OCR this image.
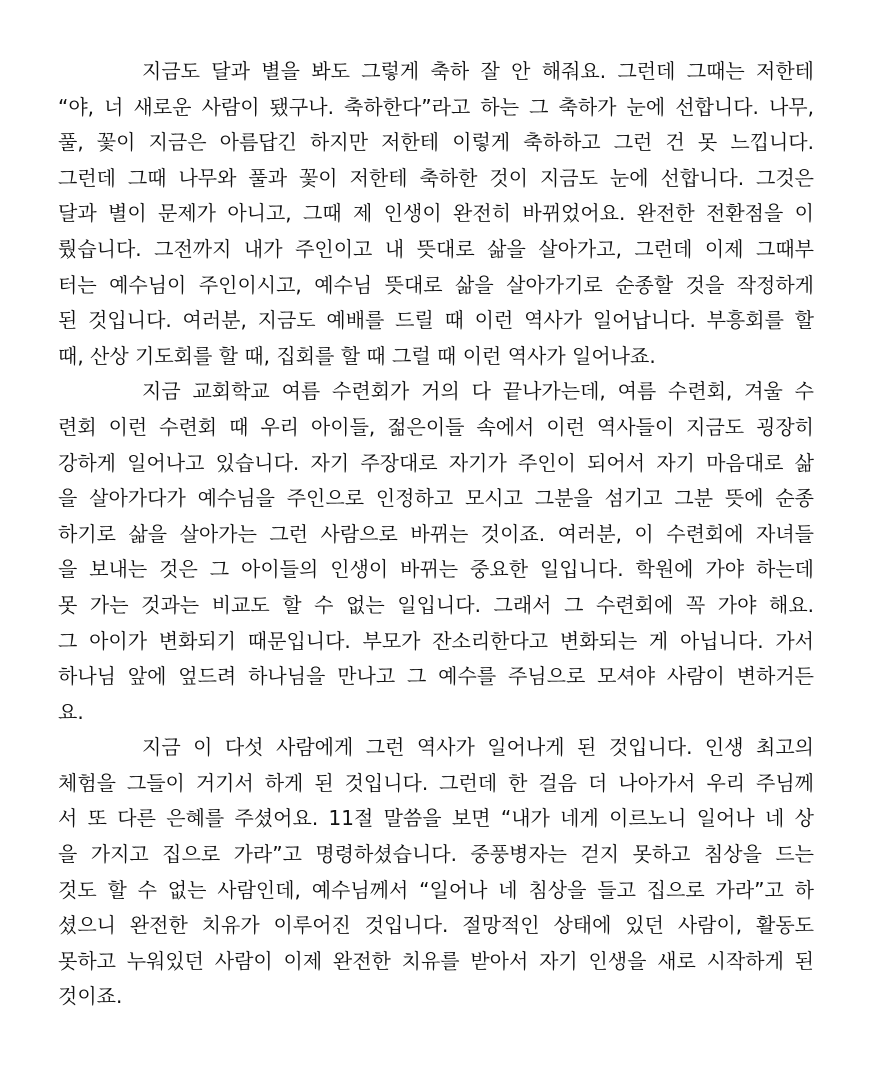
지금도 달과 별을 봐도 그렇게 축하 잘 안 해줘요. 그런데 그때는 저한테
“야, 너 새로운 사람이 됐구나. 축하한다”라고 하는 그 축하가 눈에 선합니다. 나무,
풀, 꽃이 지금은 아름답긴 하지만 저한테 이렇게 축하하고 그런 건 못 느낍니다.
그런데 그때 나무와 풀과 꽃이 저한테 축하한 것이 지금도 눈에 선합니다. 그것은
달과 별이 문제가 아니고, 그때 제 인생이 완전히 바뀌었어요. 완전한 전환점을 이
뤘습니다. 그전까지 내가 주인이고 내 뜻대로 삶을 살아가고, 그런데 이제 그때부
터는 예수님이 주인이시고, 예수님 뜻대로 삶을 살아가기로 순종할 것을 작정하게
된 것입니다. 여러분, 지금도 예배를 드릴 때 이런 역사가 일어납니다. 부흥회를 할
때, 산상 기도회를 할 때, 집회를 할 때 그럴 때 이런 역사가 일어나죠.
지금 교회학교 여름 수련회가 거의 다 끝나가는데, 여름 수련회, 겨울 수
련회 이런 수련회 때 우리 아이들, 젊은이들 속에서 이런 역사들이 지금도 굉장히
강하게 일어나고 있습니다. 자기 주장대로 자기가 주인이 되어서 자기 마음대로 삶
을 살아가다가 예수님을 주인으로 인정하고 모시고 그분을 섬기고 그분 뜻에 순종
하기로 삶을 살아가는 그런 사람으로 바뀌는 것이죠. 여러분, 이 수련회에 자녀들
을 보내는 것은 그 아이들의 인생이 바뀌는 중요한 일입니다. 학원에 가야 하는데
못 가는 것과는 비교도 할 수 없는 일입니다. 그래서 그 수련회에 꼭 가야 해요.
그 아이가 변화되기 때문입니다. 부모가 잔소리한다고 변화되는 게 아닙니다. 가서
하나님 앞에 엎드려 하나님을 만나고 그 예수를 주님으로 모셔야 사람이 변하거든
요.
지금 이 다섯 사람에게 그런 역사가 일어나게 된 것입니다. 인생 최고의
체험을 그들이 거기서 하게 된 것입니다. 그런데 한 걸음 더 나아가서 우리 주님께
서 또 다른 은혜를 주셨어요. 11절 말씀을 보면 “내가 네게 이르노니 일어나 네 상
을 가지고 집으로 가라”고 명령하셨습니다. 중풍병자는 걷지 못하고 침상을 드는
것도 할 수 없는 사람인데, 예수님께서 “일어나 네 침상을 들고 집으로 가라”고 하
셨으니 완전한 치유가 이루어진 것입니다. 절망적인 상태에 있던 사람이, 활동도
못하고 누워있던 사람이 이제 완전한 치유를 받아서 자기 인생을 새로 시작하게 된
것이죠.
